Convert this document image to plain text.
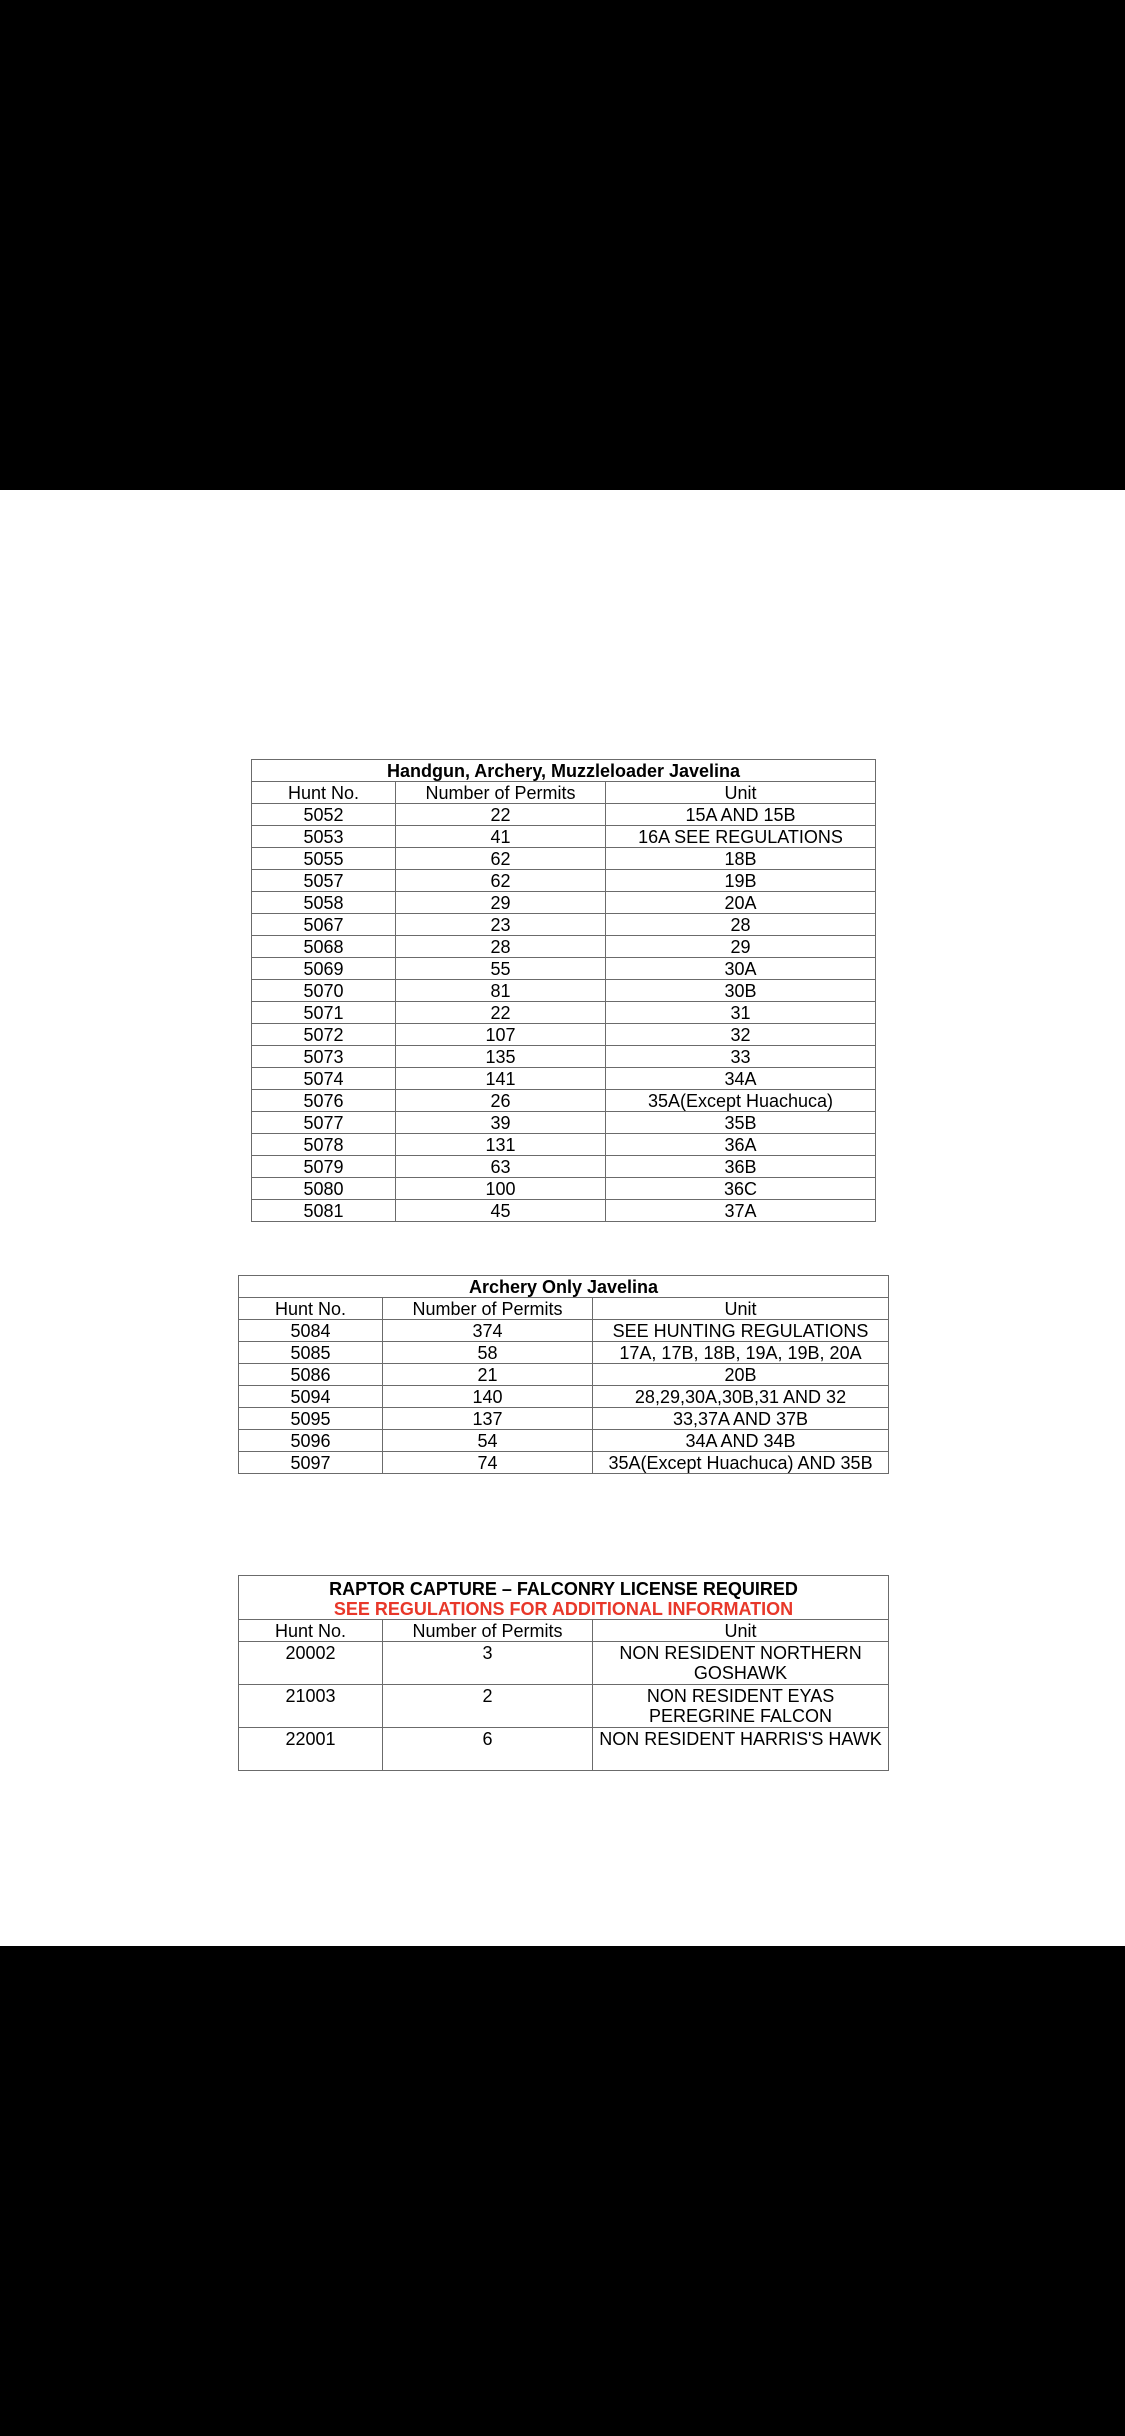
Handgun, Archery, Muzzleloader Javelina		
Hunt No.	Number of Permits	Unit
5052	22	15A AND 15B
5053	41	16A SEE REGULATIONS
5055	62	18B
5057	62	19B
5058	29	20A
5067	23	28
5068	28	29
5069	55	30A
5070	81	30B
5071	22	31
5072	107	32
5073	135	33
5074	141	34A
5076	26	35A(Except Huachuca)
5077	39	35B
5078	131	36A
5079	63	36B
5080	100	36C
5081	45	37A
Archery Only Javelina		
Hunt No.	Number of Permits	Unit
5084	374	SEE HUNTING REGULATIONS
5085	58	17A, 17B, 18B, 19A, 19B, 20A
5086	21	20B
5094	140	28,29,30A,30B,31 AND 32
5095	137	33,37A AND 37B
5096	54	34A AND 34B
5097	74	35A(Except Huachuca) AND 35B
RAPTOR CAPTURE – FALCONRY LICENSE REQUIRED
SEE REGULATIONS FOR ADDITIONAL INFORMATION		

Hunt No.	Number of Permits	Unit
20002	3	NON RESIDENT NORTHERN GOSHAWK
21003	2	NON RESIDENT EYAS PEREGRINE FALCON
22001	6	NON RESIDENT HARRIS'S HAWK
